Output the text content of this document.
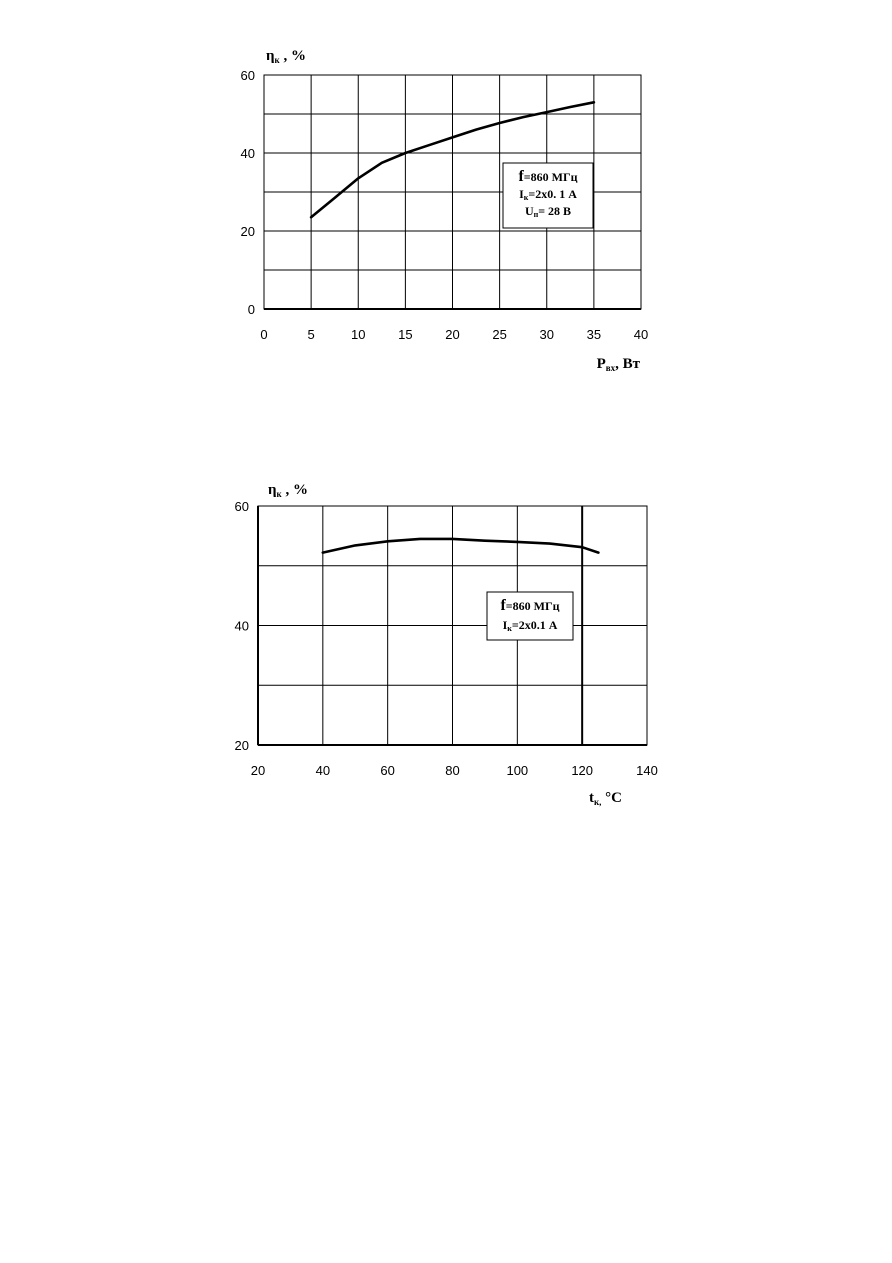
0
20
40
60
0	5	10	15	20	25	30	35	40
$\eta_к$ , %
$P_{вх}$, Вт
f=860 МГц
Iк=2x0. 1 А
Uп= 28 В
20
40
60
20	40	60	80	100	120	140
$\eta_к$ , %
$t_{к,}$ °C
f=860 МГц
Iк=2x0.1 А
